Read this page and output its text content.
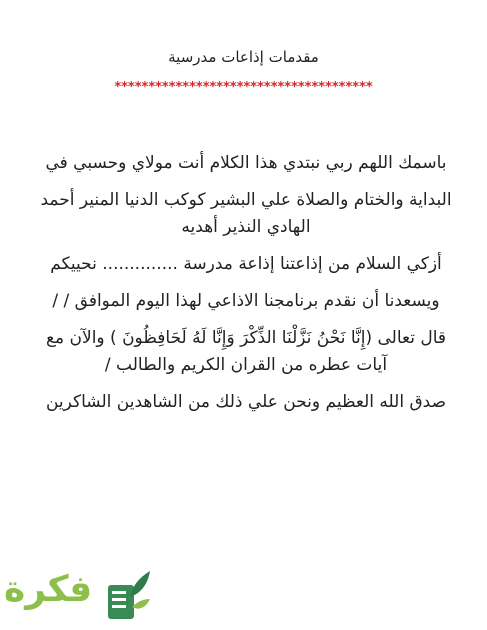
مقدمات إذاعات مدرسية
**************************************

باسمك اللهم ربي نبتدي هذا الكلام أنت مولاي وحسبي في

البداية والختام والصلاة علي البشير كوكب الدنيا المنير أحمد الهادي النذير أهديه

أزكي السلام من إذاعتنا إذاعة مدرسة .............. نحييكم

ويسعدنا أن نقدم برنامجنا الاذاعي لهذا اليوم الموافق / /

قال تعالى (إِنَّا نَحْنُ نَزَّلْنَا الذِّكْرَ وَإِنَّا لَهُ لَحَافِظُونَ ) والآن مع آيات عطره من القران الكريم والطالب /

صدق الله العظيم ونحن علي ذلك من الشاهدين الشاكرين

فكرة
